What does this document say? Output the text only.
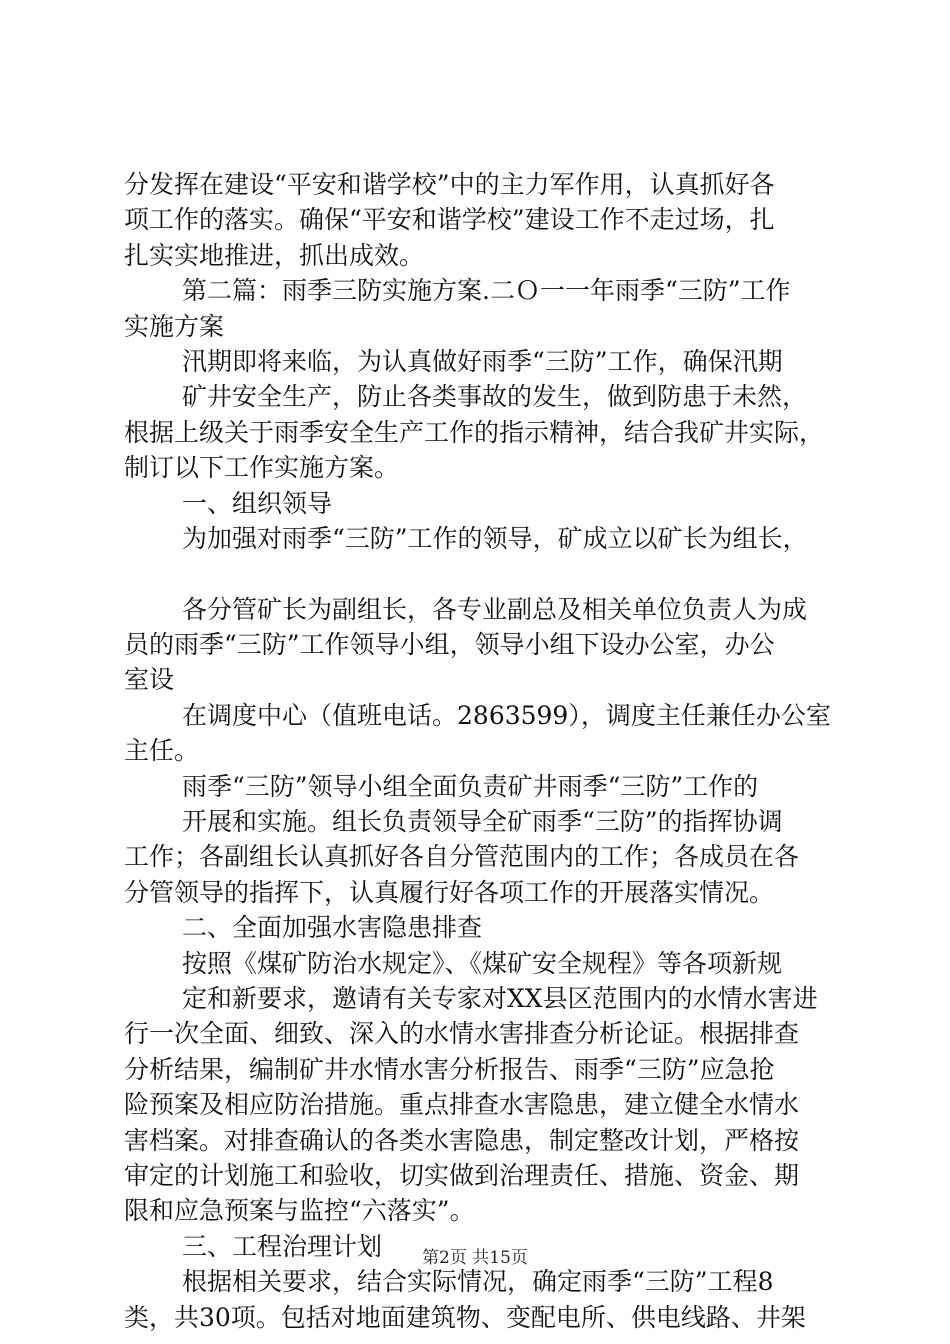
分发挥在建设“平安和谐学校”中的主力军作用，认真抓好各
项工作的落实。确保“平安和谐学校”建设工作不走过场，扎
扎实实地推进，抓出成效。
第二篇：雨季三防实施方案.二Ｏ一一年雨季“三防”工作
实施方案
汛期即将来临，为认真做好雨季“三防”工作，确保汛期
矿井安全生产，防止各类事故的发生，做到防患于未然，
根据上级关于雨季安全生产工作的指示精神，结合我矿井实际，
制订以下工作实施方案。
一、组织领导
为加强对雨季“三防”工作的领导，矿成立以矿长为组长，
各分管矿长为副组长，各专业副总及相关单位负责人为成
员的雨季“三防”工作领导小组，领导小组下设办公室，办公
室设
在调度中心（值班电话。2863599），调度主任兼任办公室
主任。
雨季“三防”领导小组全面负责矿井雨季“三防”工作的
开展和实施。组长负责领导全矿雨季“三防”的指挥协调
工作；各副组长认真抓好各自分管范围内的工作；各成员在各
分管领导的指挥下，认真履行好各项工作的开展落实情况。
二、全面加强水害隐患排查
按照《煤矿防治水规定》、《煤矿安全规程》等各项新规
定和新要求，邀请有关专家对XX县区范围内的水情水害进
行一次全面、细致、深入的水情水害排查分析论证。根据排查
分析结果，编制矿井水情水害分析报告、雨季“三防”应急抢
险预案及相应防治措施。重点排查水害隐患，建立健全水情水
害档案。对排查确认的各类水害隐患，制定整改计划，严格按
审定的计划施工和验收，切实做到治理责任、措施、资金、期
限和应急预案与监控“六落实”。
三、工程治理计划
根据相关要求，结合实际情况，确定雨季“三防”工程8
类，共30项。包括对地面建筑物、变配电所、供电线路、井架
第2页 共15页
